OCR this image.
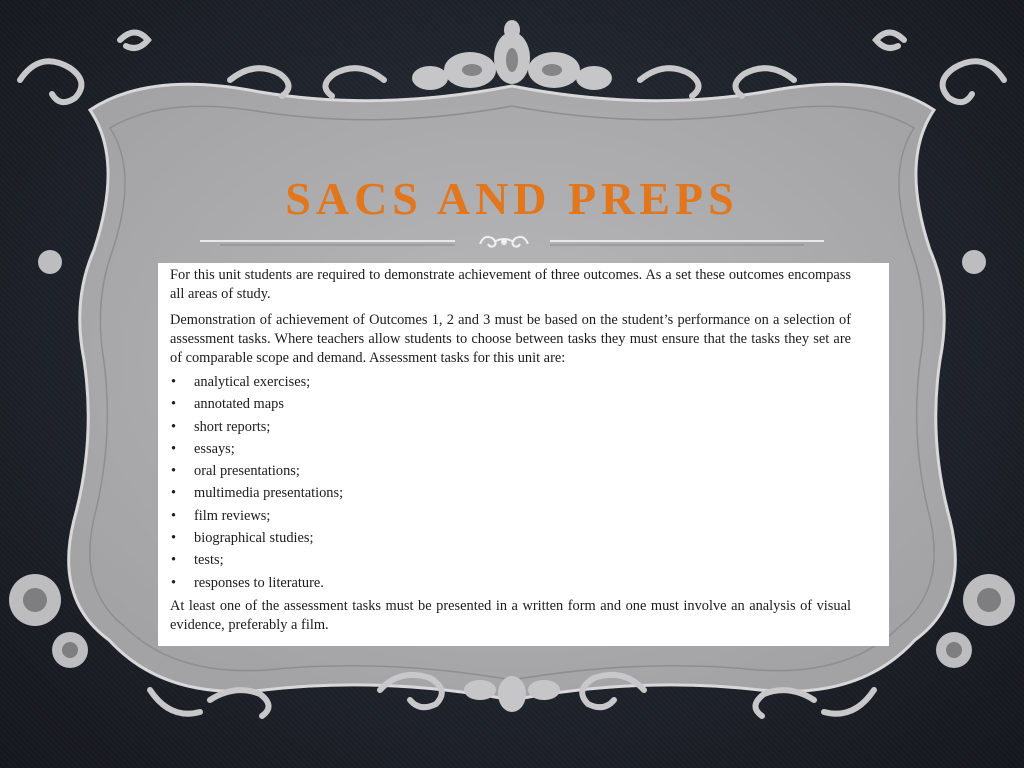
SACS AND PREPS

For this unit students are required to demonstrate achievement of three outcomes. As a set these outcomes encompass all areas of study.

Demonstration of achievement of Outcomes 1, 2 and 3 must be based on the student’s performance on a selection of assessment tasks. Where teachers allow students to choose between tasks they must ensure that the tasks they set are of comparable scope and demand. Assessment tasks for this unit are:

• analytical exercises;
• annotated maps
• short reports;
• essays;
• oral presentations;
• multimedia presentations;
• film reviews;
• biographical studies;
• tests;
• responses to literature.

At least one of the assessment tasks must be presented in a written form and one must involve an analysis of visual evidence, preferably a film.
